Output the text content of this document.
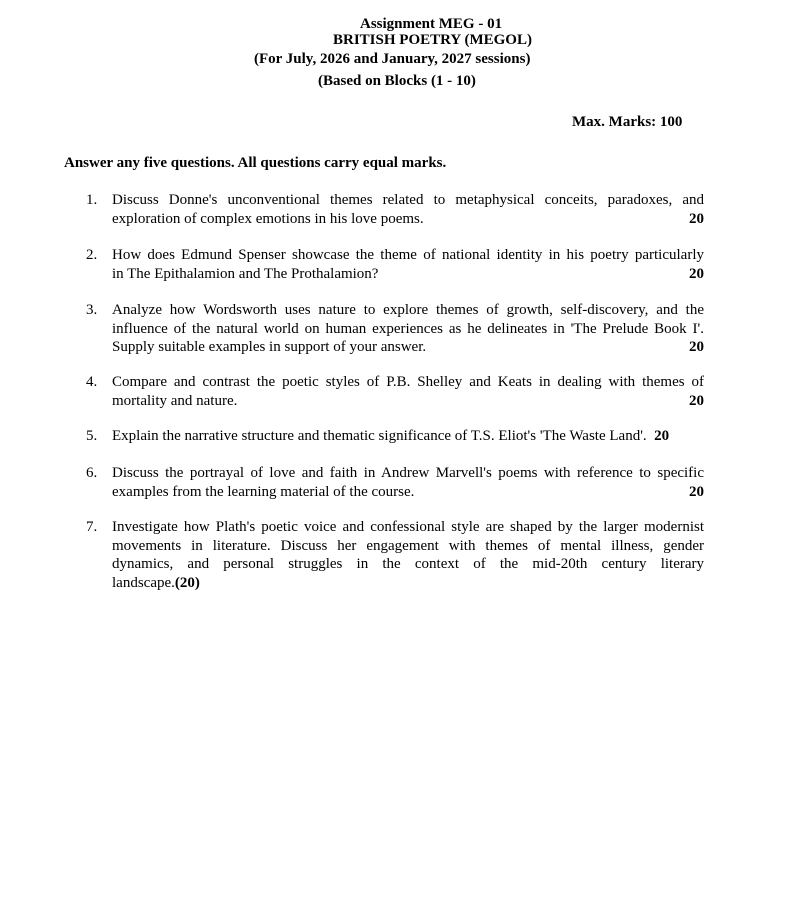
Assignment MEG - 01
BRITISH POETRY (MEGOL)
(For July, 2026 and January, 2027 sessions)
(Based on Blocks (1 - 10)
Max. Marks: 100
Answer any five questions. All questions carry equal marks.
1. Discuss Donne's unconventional themes related to metaphysical conceits, paradoxes, and
exploration of complex emotions in his love poems.	20
2. How does Edmund Spenser showcase the theme of national identity in his poetry particularly
in The Epithalamion and The Prothalamion?	20
3. Analyze how Wordsworth uses nature to explore themes of growth, self-discovery, and the
influence of the natural world on human experiences as he delineates in 'The Prelude Book I'.
Supply suitable examples in support of your answer.	20
4. Compare and contrast the poetic styles of P.B. Shelley and Keats in dealing with themes of
mortality and nature.	20
5. Explain the narrative structure and thematic significance of T.S. Eliot's 'The Waste Land'. 20
6. Discuss the portrayal of love and faith in Andrew Marvell's poems with reference to specific
examples from the learning material of the course.	20
7. Investigate how Plath's poetic voice and confessional style are shaped by the larger modernist
movements in literature. Discuss her engagement with themes of mental illness, gender
dynamics, and personal struggles in the context of the mid-20th century literary
landscape.(20)
